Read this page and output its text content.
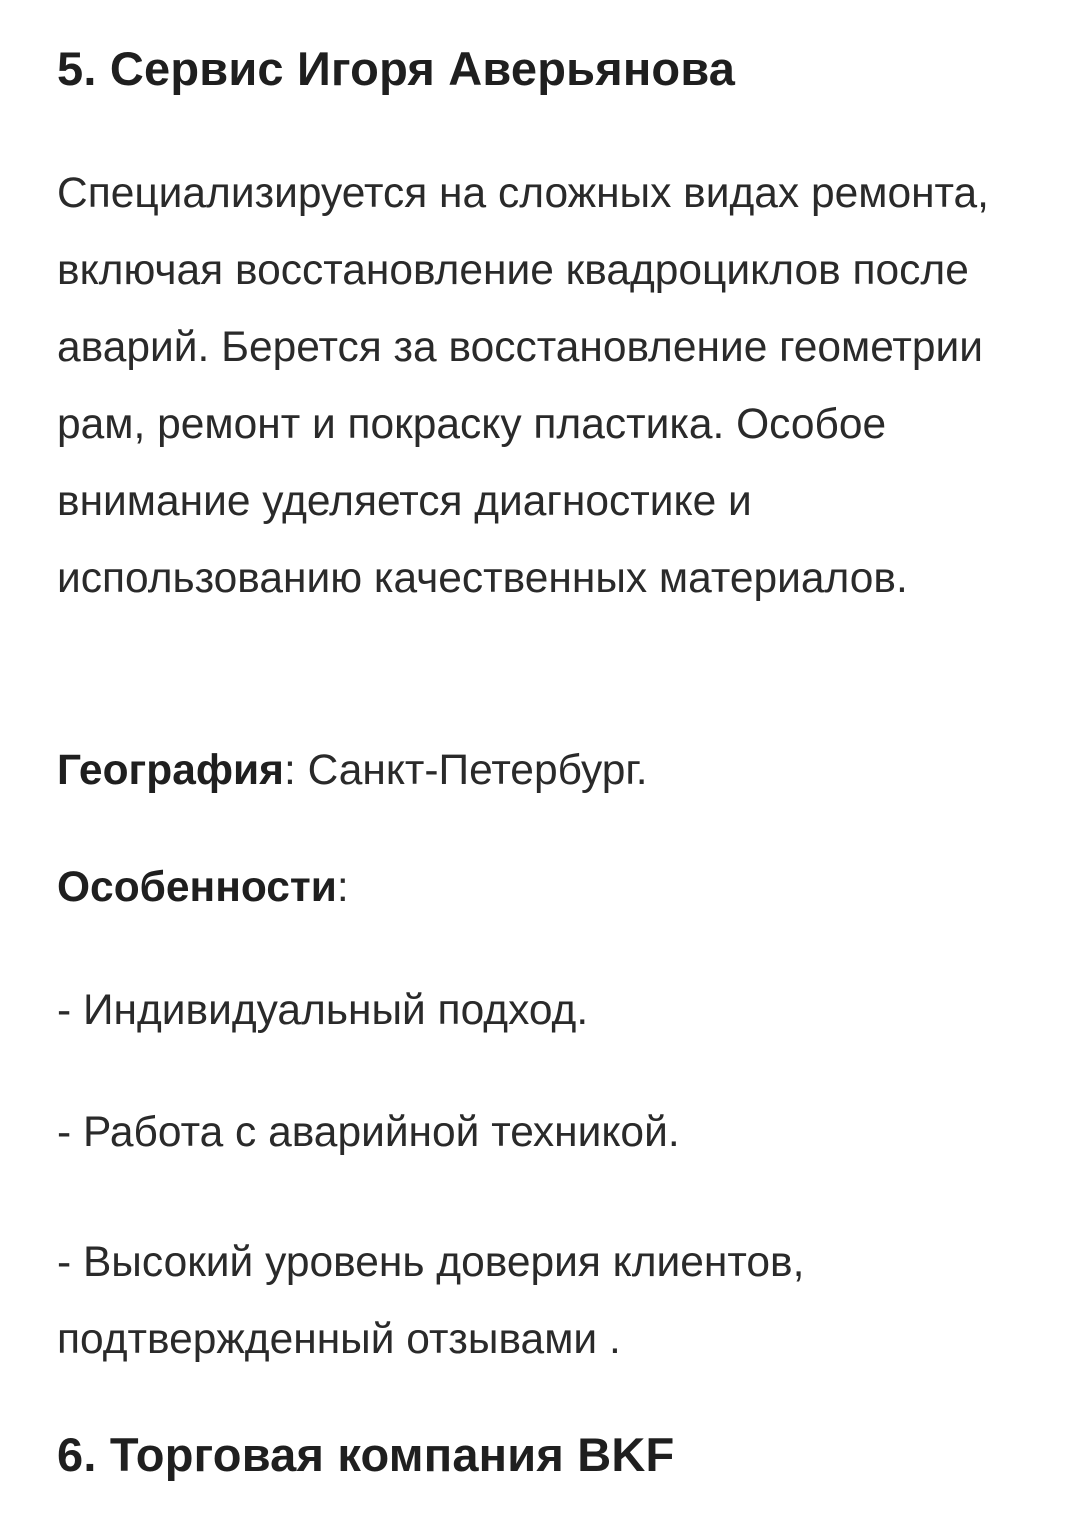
5. Сервис Игоря Аверьянова

Специализируется на сложных видах ремонта, включая восстановление квадроциклов после аварий. Берется за восстановление геометрии рам, ремонт и покраску пластика. Особое внимание уделяется диагностике и использованию качественных материалов.

География: Санкт-Петербург.

Особенности:

- Индивидуальный подход.

- Работа с аварийной техникой.

- Высокий уровень доверия клиентов, подтвержденный отзывами .

6. Торговая компания BKF
